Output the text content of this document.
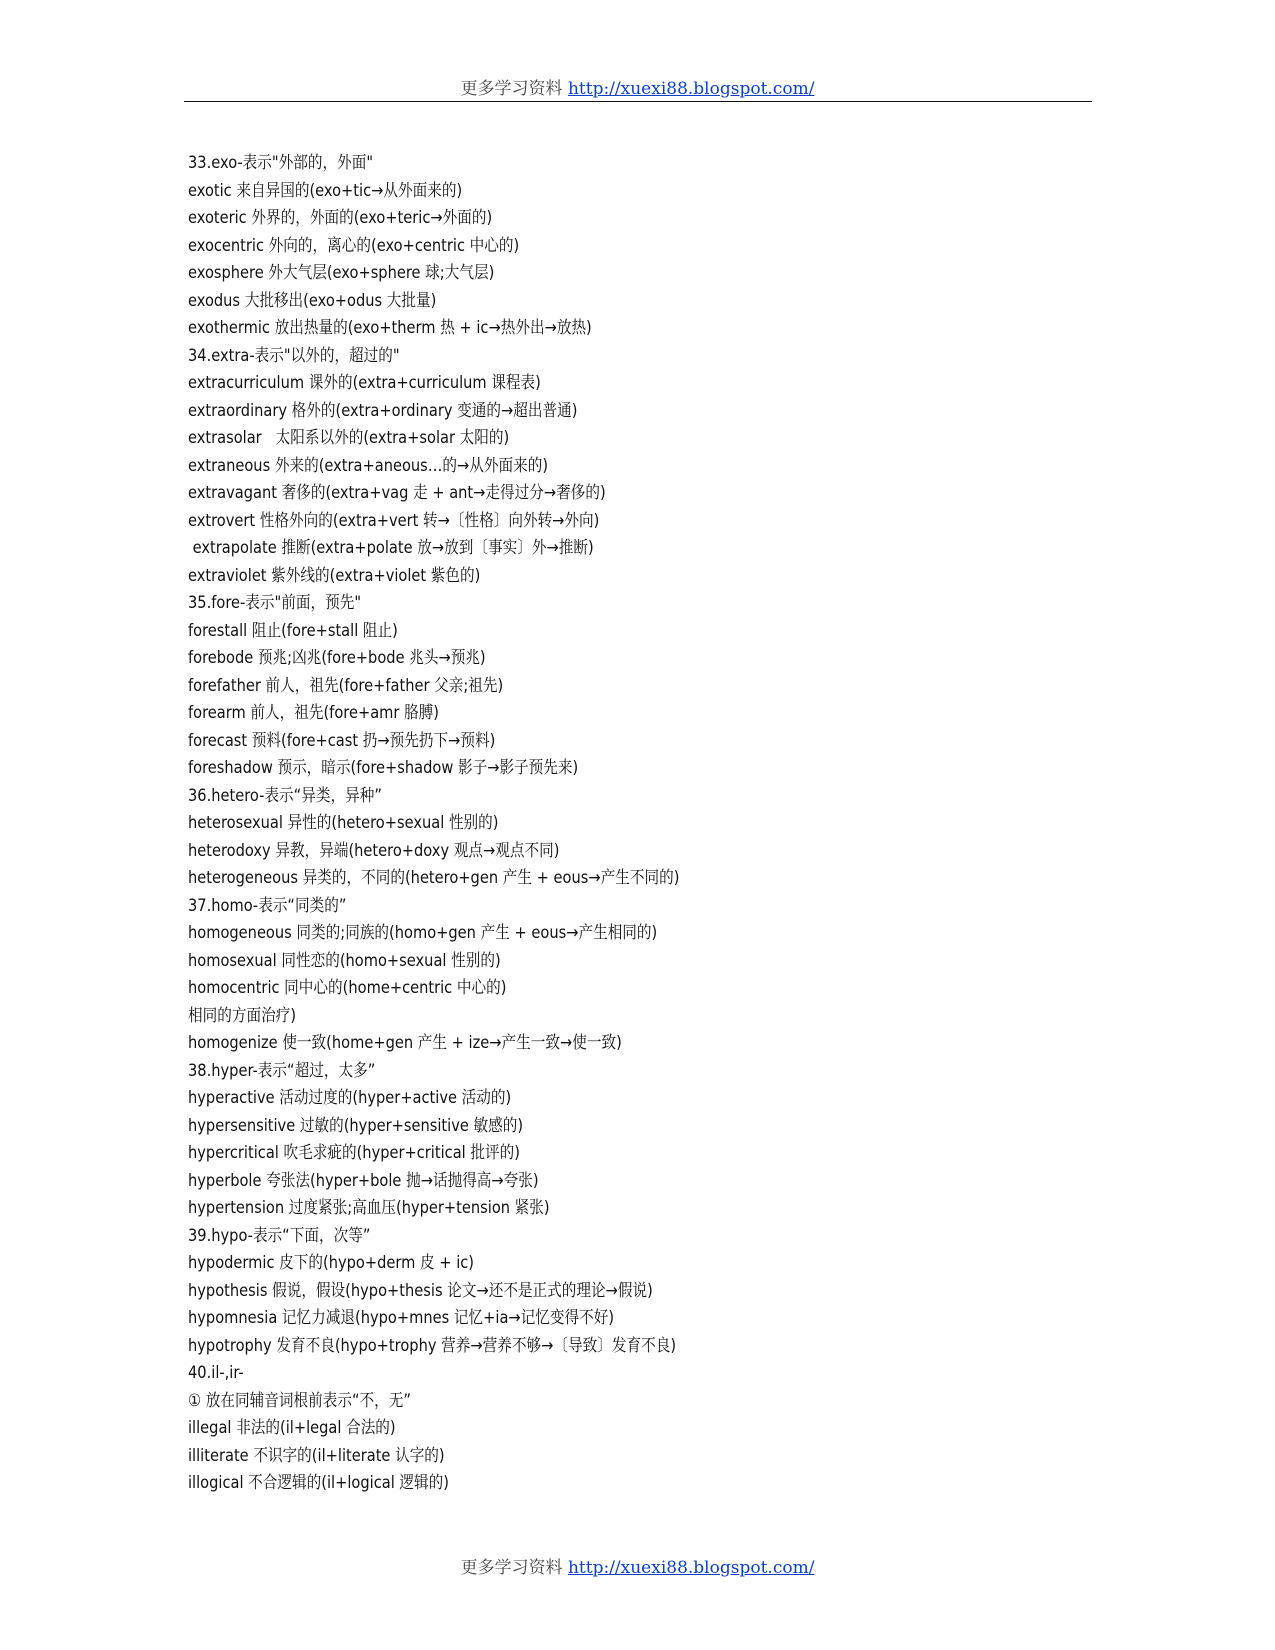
更多学习资料 http://xuexi88.blogspot.com/
33.exo-表示"外部的，外面"
exotic 来自异国的(exo+tic→从外面来的)
exoteric 外界的，外面的(exo+teric→外面的)
exocentric 外向的，离心的(exo+centric 中心的)
exosphere 外大气层(exo+sphere 球;大气层)
exodus 大批移出(exo+odus 大批量)
exothermic 放出热量的(exo+therm 热 + ic→热外出→放热)
34.extra-表示"以外的，超过的"
extracurriculum 课外的(extra+curriculum 课程表)
extraordinary 格外的(extra+ordinary 变通的→超出普通)
extrasolar   太阳系以外的(extra+solar 太阳的)
extraneous 外来的(extra+aneous…的→从外面来的)
extravagant 奢侈的(extra+vag 走 + ant→走得过分→奢侈的)
extrovert 性格外向的(extra+vert 转→〔性格〕向外转→外向)
extrapolate 推断(extra+polate 放→放到〔事实〕外→推断)
extraviolet 紫外线的(extra+violet 紫色的)
35.fore-表示"前面，预先"
forestall 阻止(fore+stall 阻止)
forebode 预兆;凶兆(fore+bode 兆头→预兆)
forefather 前人，祖先(fore+father 父亲;祖先)
forearm 前人，祖先(fore+amr 胳膊)
forecast 预料(fore+cast 扔→预先扔下→预料)
foreshadow 预示，暗示(fore+shadow 影子→影子预先来)
36.hetero-表示“异类，异种”
heterosexual 异性的(hetero+sexual 性别的)
heterodoxy 异教，异端(hetero+doxy 观点→观点不同)
heterogeneous 异类的，不同的(hetero+gen 产生 + eous→产生不同的)
37.homo-表示“同类的”
homogeneous 同类的;同族的(homo+gen 产生 + eous→产生相同的)
homosexual 同性恋的(homo+sexual 性别的)
homocentric 同中心的(home+centric 中心的)
相同的方面治疗)
homogenize 使一致(home+gen 产生 + ize→产生一致→使一致)
38.hyper-表示“超过，太多”
hyperactive 活动过度的(hyper+active 活动的)
hypersensitive 过敏的(hyper+sensitive 敏感的)
hypercritical 吹毛求疵的(hyper+critical 批评的)
hyperbole 夸张法(hyper+bole 抛→话抛得高→夸张)
hypertension 过度紧张;高血压(hyper+tension 紧张)
39.hypo-表示“下面，次等”
hypodermic 皮下的(hypo+derm 皮 + ic)
hypothesis 假说，假设(hypo+thesis 论文→还不是正式的理论→假说)
hypomnesia 记忆力减退(hypo+mnes 记忆+ia→记忆变得不好)
hypotrophy 发育不良(hypo+trophy 营养→营养不够→〔导致〕发育不良)
40.il-,ir-
① 放在同辅音词根前表示“不，无”
illegal 非法的(il+legal 合法的)
illiterate 不识字的(il+literate 认字的)
illogical 不合逻辑的(il+logical 逻辑的)
更多学习资料 http://xuexi88.blogspot.com/
